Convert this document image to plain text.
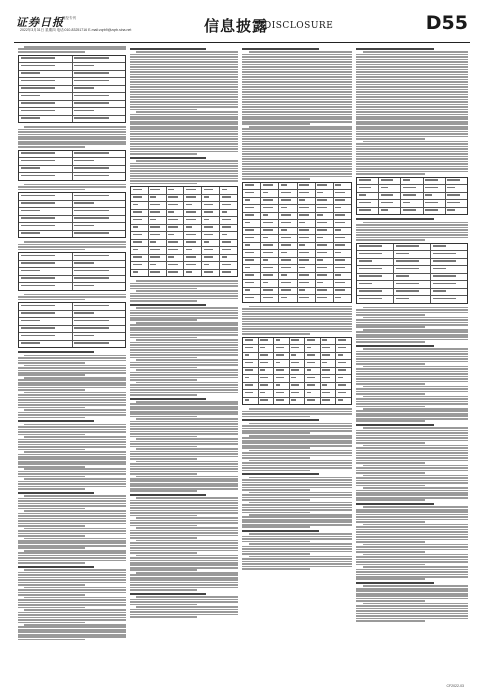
证券日报
财经专刊
2022年3月31日 星期四 电话:010-83251716 E-mail:zqrb9@zqrb.sina.net	信息披露
DISCLOSURE	D55
CF2022-03
